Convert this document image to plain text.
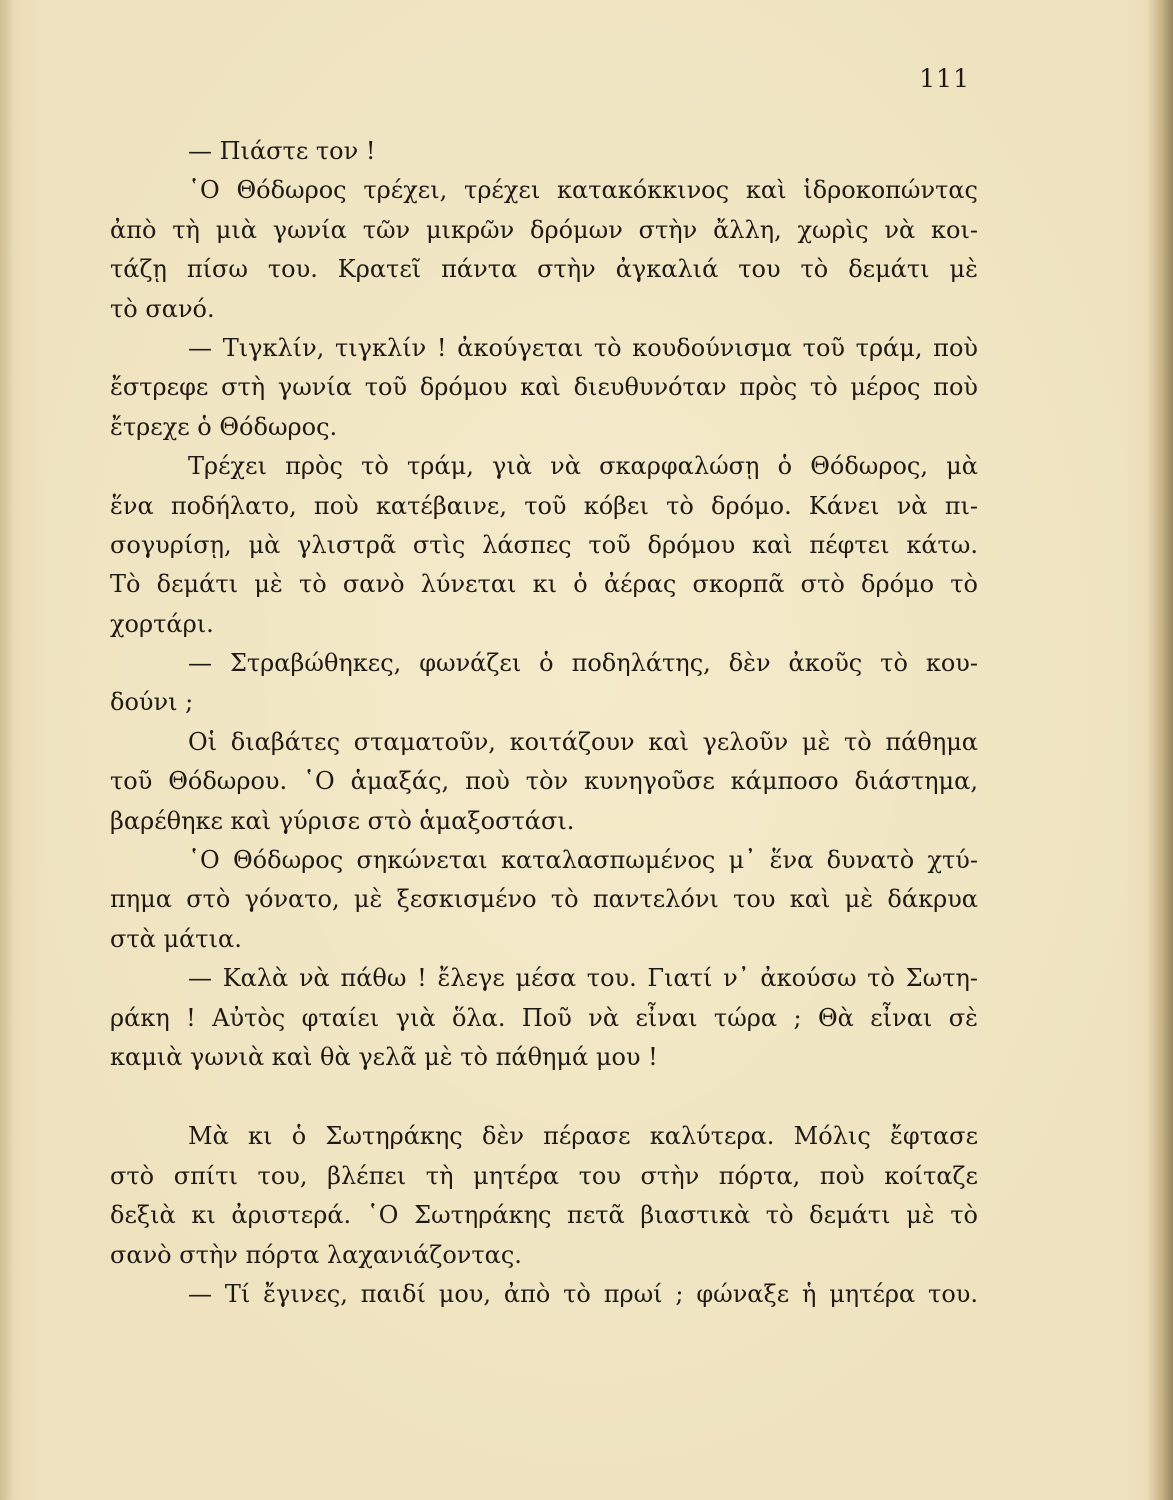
111
— Πιάστε τον !
῾Ο Θόδωρος τρέχει, τρέχει κατακόκκινος καὶ ἱδροκοπώντας
ἀπὸ τὴ μιὰ γωνία τῶν μικρῶν δρόμων στὴν ἄλλη, χωρὶς νὰ κοι-
τάζῃ πίσω του. Κρατεῖ πάντα στὴν ἀγκαλιά του τὸ δεμάτι μὲ
τὸ σανό.
— Τιγκλίν, τιγκλίν ! ἀκούγεται τὸ κουδούνισμα τοῦ τράμ, ποὺ
ἔστρεφε στὴ γωνία τοῦ δρόμου καὶ διευθυνόταν πρὸς τὸ μέρος ποὺ
ἔτρεχε ὁ Θόδωρος.
Τρέχει πρὸς τὸ τράμ, γιὰ νὰ σκαρφαλώσῃ ὁ Θόδωρος, μὰ
ἕνα ποδήλατο, ποὺ κατέβαινε, τοῦ κόβει τὸ δρόμο. Κάνει νὰ πι-
σογυρίσῃ, μὰ γλιστρᾶ στὶς λάσπες τοῦ δρόμου καὶ πέφτει κάτω.
Τὸ δεμάτι μὲ τὸ σανὸ λύνεται κι ὁ ἀέρας σκορπᾶ στὸ δρόμο τὸ
χορτάρι.
— Στραβώθηκες, φωνάζει ὁ ποδηλάτης, δὲν ἀκοῦς τὸ κου-
δούνι ;
Οἱ διαβάτες σταματοῦν, κοιτάζουν καὶ γελοῦν μὲ τὸ πάθημα
τοῦ Θόδωρου. ῾Ο ἁμαξάς, ποὺ τὸν κυνηγοῦσε κάμποσο διάστημα,
βαρέθηκε καὶ γύρισε στὸ ἁμαξοστάσι.
῾Ο Θόδωρος σηκώνεται καταλασπωμένος μ᾿ ἕνα δυνατὸ χτύ-
πημα στὸ γόνατο, μὲ ξεσκισμένο τὸ παντελόνι του καὶ μὲ δάκρυα
στὰ μάτια.
— Καλὰ νὰ πάθω ! ἔλεγε μέσα του. Γιατί ν᾿ ἀκούσω τὸ Σωτη-
ράκη ! Αὐτὸς φταίει γιὰ ὅλα. Ποῦ νὰ εἶναι τώρα ; Θὰ εἶναι σὲ
καμιὰ γωνιὰ καὶ θὰ γελᾶ μὲ τὸ πάθημά μου !
Μὰ κι ὁ Σωτηράκης δὲν πέρασε καλύτερα. Μόλις ἔφτασε
στὸ σπίτι του, βλέπει τὴ μητέρα του στὴν πόρτα, ποὺ κοίταζε
δεξιὰ κι ἀριστερά. ῾Ο Σωτηράκης πετᾶ βιαστικὰ τὸ δεμάτι μὲ τὸ
σανὸ στὴν πόρτα λαχανιάζοντας.
— Τί ἔγινες, παιδί μου, ἀπὸ τὸ πρωί ; φώναξε ἡ μητέρα του.
